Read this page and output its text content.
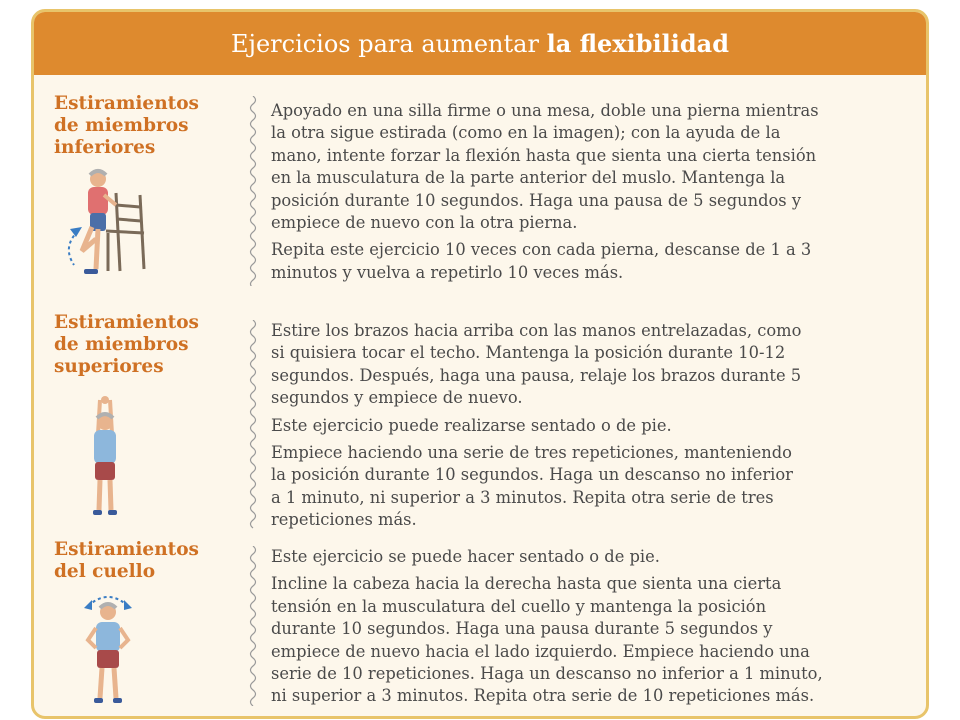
Ejercicios para aumentar la flexibilidad
Estiramientos
de miembros
inferiores

Apoyado en una silla firme o una mesa, doble una pierna mientras
la otra sigue estirada (como en la imagen); con la ayuda de la
mano, intente forzar la flexión hasta que sienta una cierta tensión
en la musculatura de la parte anterior del muslo. Mantenga la
posición durante 10 segundos. Haga una pausa de 5 segundos y
empiece de nuevo con la otra pierna.

Repita este ejercicio 10 veces con cada pierna, descanse de 1 a 3
minutos y vuelva a repetirlo 10 veces más.

Estiramientos
de miembros
superiores

Estire los brazos hacia arriba con las manos entrelazadas, como
si quisiera tocar el techo. Mantenga la posición durante 10-12
segundos. Después, haga una pausa, relaje los brazos durante 5
segundos y empiece de nuevo.

Este ejercicio puede realizarse sentado o de pie.

Empiece haciendo una serie de tres repeticiones, manteniendo
la posición durante 10 segundos. Haga un descanso no inferior
a 1 minuto, ni superior a 3 minutos. Repita otra serie de tres
repeticiones más.

Estiramientos
del cuello

Este ejercicio se puede hacer sentado o de pie.

Incline la cabeza hacia la derecha hasta que sienta una cierta
tensión en la musculatura del cuello y mantenga la posición
durante 10 segundos. Haga una pausa durante 5 segundos y
empiece de nuevo hacia el lado izquierdo. Empiece haciendo una
serie de 10 repeticiones. Haga un descanso no inferior a 1 minuto,
ni superior a 3 minutos. Repita otra serie de 10 repeticiones más.
